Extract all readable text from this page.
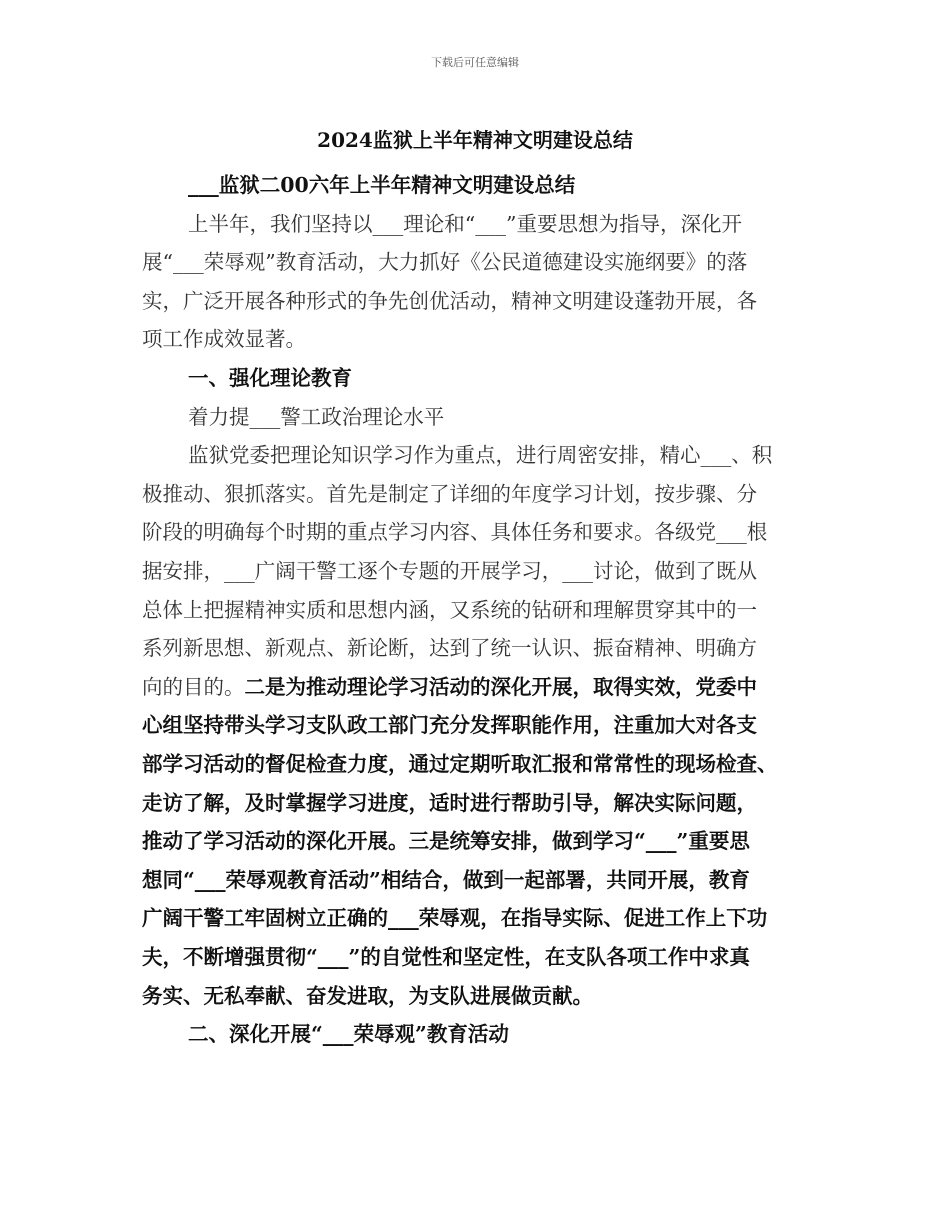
下载后可任意编辑
2024监狱上半年精神文明建设总结
___监狱二00六年上半年精神文明建设总结
上半年，我们坚持以___理论和“___”重要思想为指导，深化开
展“___荣辱观”教育活动，大力抓好《公民道德建设实施纲要》的落
实，广泛开展各种形式的争先创优活动，精神文明建设蓬勃开展，各
项工作成效显著。
一、强化理论教育
着力提___警工政治理论水平
监狱党委把理论知识学习作为重点，进行周密安排，精心___、积
极推动、狠抓落实。首先是制定了详细的年度学习计划，按步骤、分
阶段的明确每个时期的重点学习内容、具体任务和要求。各级党___根
据安排，___广阔干警工逐个专题的开展学习，___讨论，做到了既从
总体上把握精神实质和思想内涵，又系统的钻研和理解贯穿其中的一
系列新思想、新观点、新论断，达到了统一认识、振奋精神、明确方
向的目的。二是为推动理论学习活动的深化开展，取得实效，党委中
心组坚持带头学习支队政工部门充分发挥职能作用，注重加大对各支
部学习活动的督促检查力度，通过定期听取汇报和常常性的现场检查、
走访了解，及时掌握学习进度，适时进行帮助引导，解决实际问题，
推动了学习活动的深化开展。三是统筹安排，做到学习“___”重要思
想同“___荣辱观教育活动”相结合，做到一起部署，共同开展，教育
广阔干警工牢固树立正确的___荣辱观，在指导实际、促进工作上下功
夫，不断增强贯彻“___”的自觉性和坚定性，在支队各项工作中求真
务实、无私奉献、奋发进取，为支队进展做贡献。
二、深化开展“___荣辱观”教育活动
